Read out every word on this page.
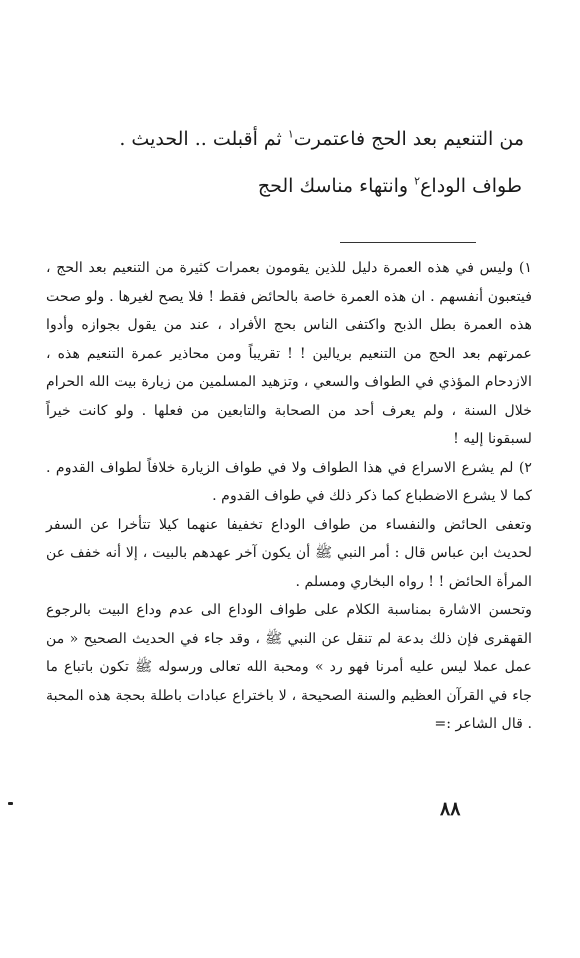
من التنعيم بعد الحج فاعتمرت$^١$ ثم أقبلت .. الحديث .
طواف الوداع$^٢$ وانتهاء مناسك الحج

١) وليس في هذه العمرة دليل للذين يقومون بعمرات كثيرة من التنعيم بعد الحج ، فيتعبون أنفسهم . ان هذه العمرة خاصة بالحائض فقط ! فلا يصح لغيرها . ولو صحت هذه العمرة بطل الذبح واكتفى الناس بحج الأفراد ، عند من يقول بجوازه وأدوا عمرتهم بعد الحج من التنعيم بريالين ! ! تقريباً ومن محاذير عمرة التنعيم هذه ، الازدحام المؤذي في الطواف والسعي ، وتزهيد المسلمين من زيارة بيت الله الحرام خلال السنة ، ولم يعرف أحد من الصحابة والتابعين من فعلها . ولو كانت خيراً لسبقونا إليه !

٢) لم يشرع الاسراع في هذا الطواف ولا في طواف الزيارة خلافاً لطواف القدوم . كما لا يشرع الاضطباع كما ذكر ذلك في طواف القدوم .

وتعفى الحائض والنفساء من طواف الوداع تخفيفا عنهما كيلا تتأخرا عن السفر لحديث ابن عباس قال : أمر النبي ﷺ أن يكون آخر عهدهم بالبيت ، إلا أنه خفف عن المرأة الحائض ! ! رواه البخاري ومسلم .

وتحسن الاشارة بمناسبة الكلام على طواف الوداع الى عدم وداع البيت بالرجوع القهقرى فإن ذلك بدعة لم تنقل عن النبي ﷺ ، وقد جاء في الحديث الصحيح « من عمل عملا ليس عليه أمرنا فهو رد » ومحبة الله تعالى ورسوله ﷺ تكون باتباع ما جاء في القرآن العظيم والسنة الصحيحة ، لا باختراع عبادات باطلة بحجة هذه المحبة . قال الشاعر :=

٨٨
